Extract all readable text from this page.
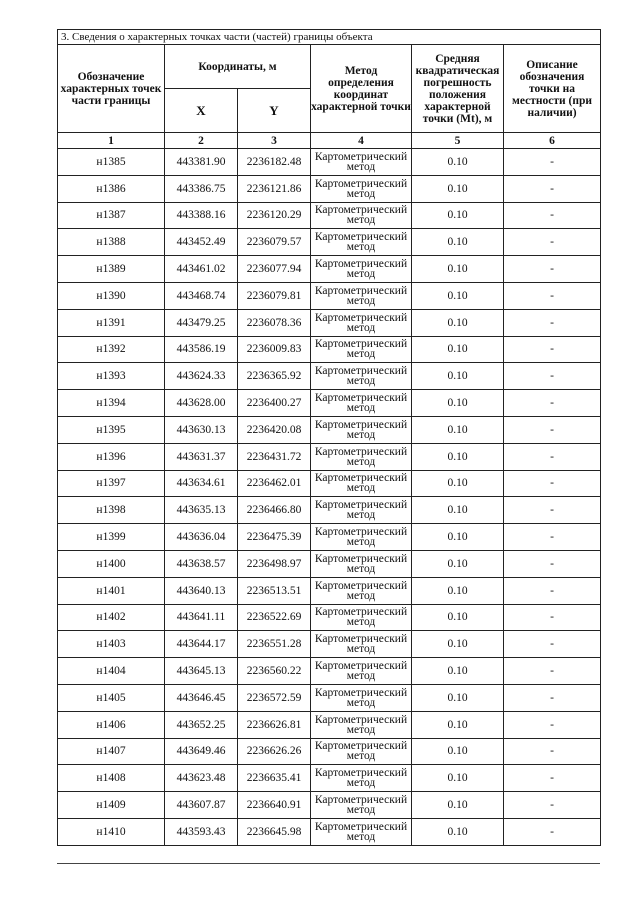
3. Сведения о характерных точках части (частей) границы объекта					
Обозначение характерных точек части границы	Координаты, м		Метод определения координат характерной точки	Средняя квадратическая погрешность положения характерной точки (Mt), м	Описание обозначения точки на местности (при наличии)
	X	Y			
1	2	3	4	5	6
н1385	443381.90	2236182.48	Картометрический метод	0.10	-
н1386	443386.75	2236121.86	Картометрический метод	0.10	-
н1387	443388.16	2236120.29	Картометрический метод	0.10	-
н1388	443452.49	2236079.57	Картометрический метод	0.10	-
н1389	443461.02	2236077.94	Картометрический метод	0.10	-
н1390	443468.74	2236079.81	Картометрический метод	0.10	-
н1391	443479.25	2236078.36	Картометрический метод	0.10	-
н1392	443586.19	2236009.83	Картометрический метод	0.10	-
н1393	443624.33	2236365.92	Картометрический метод	0.10	-
н1394	443628.00	2236400.27	Картометрический метод	0.10	-
н1395	443630.13	2236420.08	Картометрический метод	0.10	-
н1396	443631.37	2236431.72	Картометрический метод	0.10	-
н1397	443634.61	2236462.01	Картометрический метод	0.10	-
н1398	443635.13	2236466.80	Картометрический метод	0.10	-
н1399	443636.04	2236475.39	Картометрический метод	0.10	-
н1400	443638.57	2236498.97	Картометрический метод	0.10	-
н1401	443640.13	2236513.51	Картометрический метод	0.10	-
н1402	443641.11	2236522.69	Картометрический метод	0.10	-
н1403	443644.17	2236551.28	Картометрический метод	0.10	-
н1404	443645.13	2236560.22	Картометрический метод	0.10	-
н1405	443646.45	2236572.59	Картометрический метод	0.10	-
н1406	443652.25	2236626.81	Картометрический метод	0.10	-
н1407	443649.46	2236626.26	Картометрический метод	0.10	-
н1408	443623.48	2236635.41	Картометрический метод	0.10	-
н1409	443607.87	2236640.91	Картометрический метод	0.10	-
н1410	443593.43	2236645.98	Картометрический метод	0.10	-
